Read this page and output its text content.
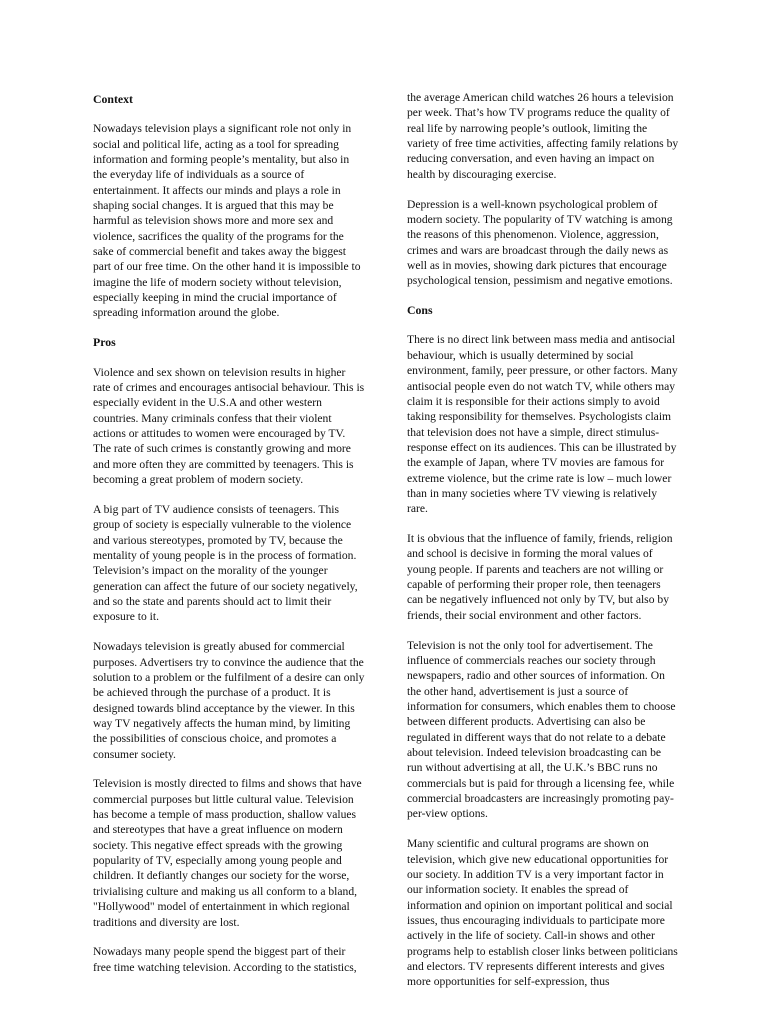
Context

Nowadays television plays a significant role not only in social and political life, acting as a tool for spreading information and forming people’s mentality, but also in the everyday life of individuals as a source of entertainment. It affects our minds and plays a role in shaping social changes. It is argued that this may be harmful as television shows more and more sex and violence, sacrifices the quality of the programs for the sake of commercial benefit and takes away the biggest part of our free time. On the other hand it is impossible to imagine the life of modern society without television, especially keeping in mind the crucial importance of spreading information around the globe.

Pros

Violence and sex shown on television results in higher rate of crimes and encourages antisocial behaviour. This is especially evident in the U.S.A and other western countries. Many criminals confess that their violent actions or attitudes to women were encouraged by TV. The rate of such crimes is constantly growing and more and more often they are committed by teenagers. This is becoming a great problem of modern society.

A big part of TV audience consists of teenagers. This group of society is especially vulnerable to the violence and various stereotypes, promoted by TV, because the mentality of young people is in the process of formation. Television’s impact on the morality of the younger generation can affect the future of our society negatively, and so the state and parents should act to limit their exposure to it.

Nowadays television is greatly abused for commercial purposes. Advertisers try to convince the audience that the solution to a problem or the fulfilment of a desire can only be achieved through the purchase of a product. It is designed towards blind acceptance by the viewer. In this way TV negatively affects the human mind, by limiting the possibilities of conscious choice, and promotes a consumer society.

Television is mostly directed to films and shows that have commercial purposes but little cultural value. Television has become a temple of mass production, shallow values and stereotypes that have a great influence on modern society. This negative effect spreads with the growing popularity of TV, especially among young people and children. It defiantly changes our society for the worse, trivialising culture and making us all conform to a bland, "Hollywood" model of entertainment in which regional traditions and diversity are lost.

Nowadays many people spend the biggest part of their free time watching television. According to the statistics,

the average American child watches 26 hours a television per week. That’s how TV programs reduce the quality of real life by narrowing people’s outlook, limiting the variety of free time activities, affecting family relations by reducing conversation, and even having an impact on health by discouraging exercise.

Depression is a well-known psychological problem of modern society. The popularity of TV watching is among the reasons of this phenomenon. Violence, aggression, crimes and wars are broadcast through the daily news as well as in movies, showing dark pictures that encourage psychological tension, pessimism and negative emotions.

Cons

There is no direct link between mass media and antisocial behaviour, which is usually determined by social environment, family, peer pressure, or other factors. Many antisocial people even do not watch TV, while others may claim it is responsible for their actions simply to avoid taking responsibility for themselves. Psychologists claim that television does not have a simple, direct stimulus-response effect on its audiences. This can be illustrated by the example of Japan, where TV movies are famous for extreme violence, but the crime rate is low – much lower than in many societies where TV viewing is relatively rare.

It is obvious that the influence of family, friends, religion and school is decisive in forming the moral values of young people. If parents and teachers are not willing or capable of performing their proper role, then teenagers can be negatively influenced not only by TV, but also by friends, their social environment and other factors.

Television is not the only tool for advertisement. The influence of commercials reaches our society through newspapers, radio and other sources of information. On the other hand, advertisement is just a source of information for consumers, which enables them to choose between different products. Advertising can also be regulated in different ways that do not relate to a debate about television. Indeed television broadcasting can be run without advertising at all, the U.K.’s BBC runs no commercials but is paid for through a licensing fee, while commercial broadcasters are increasingly promoting pay-per-view options.

Many scientific and cultural programs are shown on television, which give new educational opportunities for our society. In addition TV is a very important factor in our information society. It enables the spread of information and opinion on important political and social issues, thus encouraging individuals to participate more actively in the life of society. Call-in shows and other programs help to establish closer links between politicians and electors. TV represents different interests and gives more opportunities for self-expression, thus
